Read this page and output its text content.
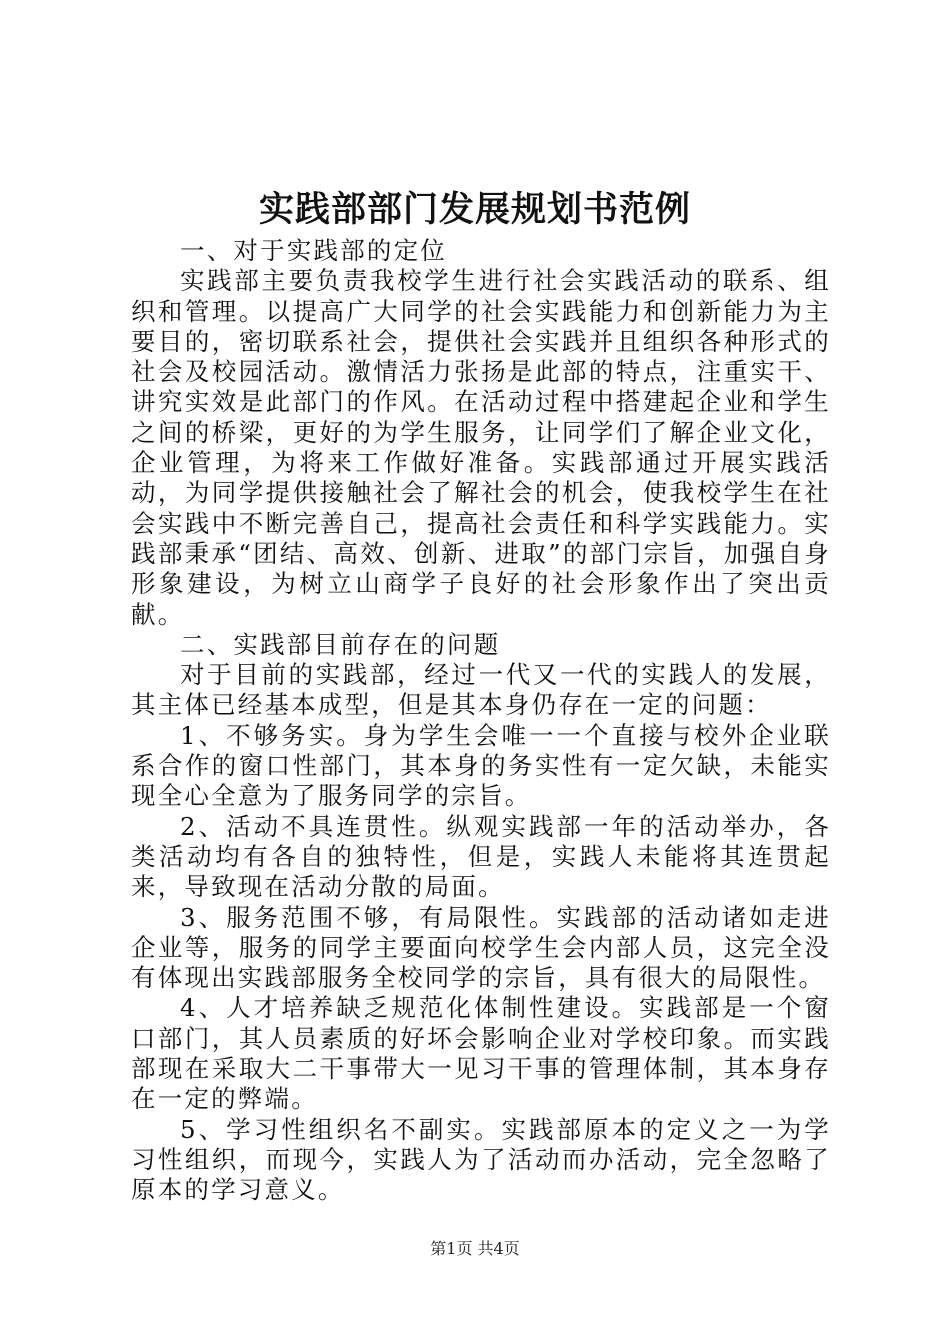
实践部部门发展规划书范例

一、对于实践部的定位

实践部主要负责我校学生进行社会实践活动的联系、组织和管理。以提高广大同学的社会实践能力和创新能力为主要目的，密切联系社会，提供社会实践并且组织各种形式的社会及校园活动。激情活力张扬是此部的特点，注重实干、讲究实效是此部门的作风。在活动过程中搭建起企业和学生之间的桥梁，更好的为学生服务，让同学们了解企业文化，企业管理，为将来工作做好准备。实践部通过开展实践活动，为同学提供接触社会了解社会的机会，使我校学生在社会实践中不断完善自己，提高社会责任和科学实践能力。实践部秉承“团结、高效、创新、进取”的部门宗旨，加强自身形象建设，为树立山商学子良好的社会形象作出了突出贡献。

二、实践部目前存在的问题

对于目前的实践部，经过一代又一代的实践人的发展，其主体已经基本成型，但是其本身仍存在一定的问题：

1、不够务实。身为学生会唯一一个直接与校外企业联系合作的窗口性部门，其本身的务实性有一定欠缺，未能实现全心全意为了服务同学的宗旨。

2、活动不具连贯性。纵观实践部一年的活动举办，各类活动均有各自的独特性，但是，实践人未能将其连贯起来，导致现在活动分散的局面。

3、服务范围不够，有局限性。实践部的活动诸如走进企业等，服务的同学主要面向校学生会内部人员，这完全没有体现出实践部服务全校同学的宗旨，具有很大的局限性。

4、人才培养缺乏规范化体制性建设。实践部是一个窗口部门，其人员素质的好坏会影响企业对学校印象。而实践部现在采取大二干事带大一见习干事的管理体制，其本身存在一定的弊端。

5、学习性组织名不副实。实践部原本的定义之一为学习性组织，而现今，实践人为了活动而办活动，完全忽略了原本的学习意义。

第1页 共4页
